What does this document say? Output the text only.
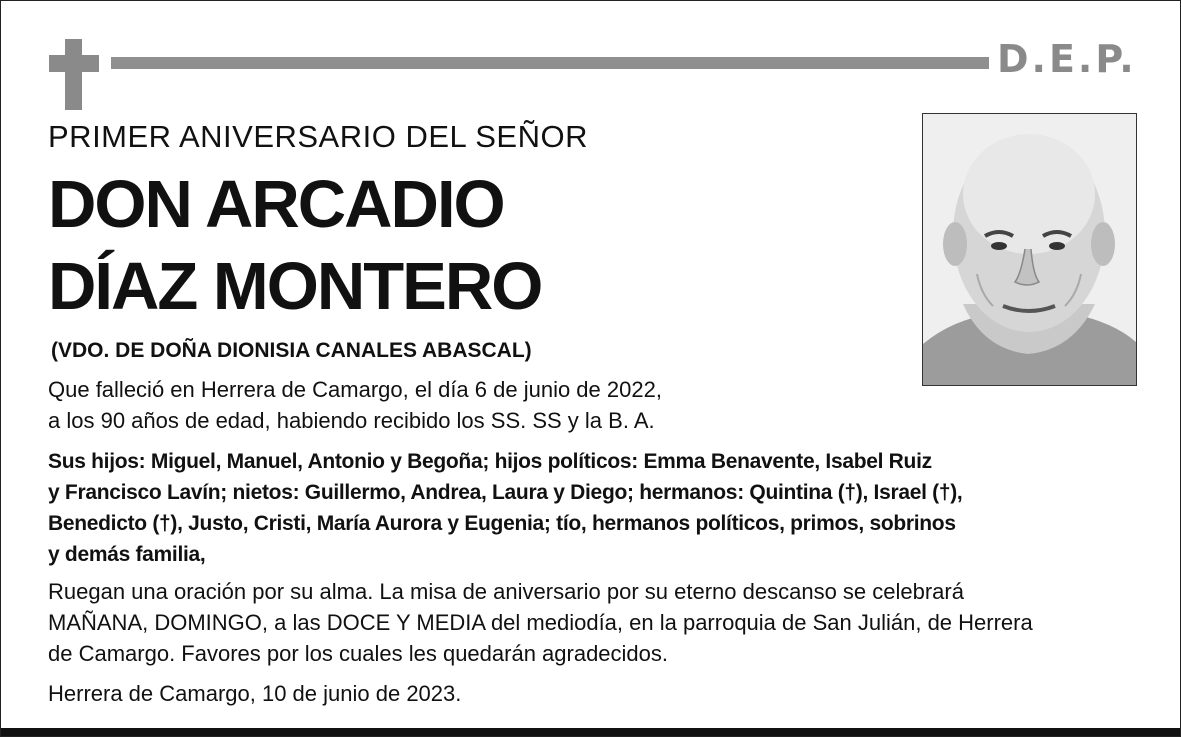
D.E.P.
PRIMER ANIVERSARIO DEL SEÑOR
DON ARCADIO
DÍAZ MONTERO
(VDO. DE DOÑA DIONISIA CANALES ABASCAL)
Que falleció en Herrera de Camargo, el día 6 de junio de 2022,
a los 90 años de edad, habiendo recibido los SS. SS y la B. A.
Sus hijos: Miguel, Manuel, Antonio y Begoña; hijos políticos: Emma Benavente, Isabel Ruiz
y Francisco Lavín; nietos: Guillermo, Andrea, Laura y Diego; hermanos: Quintina (†), Israel (†),
Benedicto (†), Justo, Cristi, María Aurora y Eugenia; tío, hermanos políticos, primos, sobrinos
y demás familia,
Ruegan una oración por su alma. La misa de aniversario por su eterno descanso se celebrará
MAÑANA, DOMINGO, a las DOCE Y MEDIA del mediodía, en la parroquia de San Julián, de Herrera
de Camargo. Favores por los cuales les quedarán agradecidos.
Herrera de Camargo, 10 de junio de 2023.
